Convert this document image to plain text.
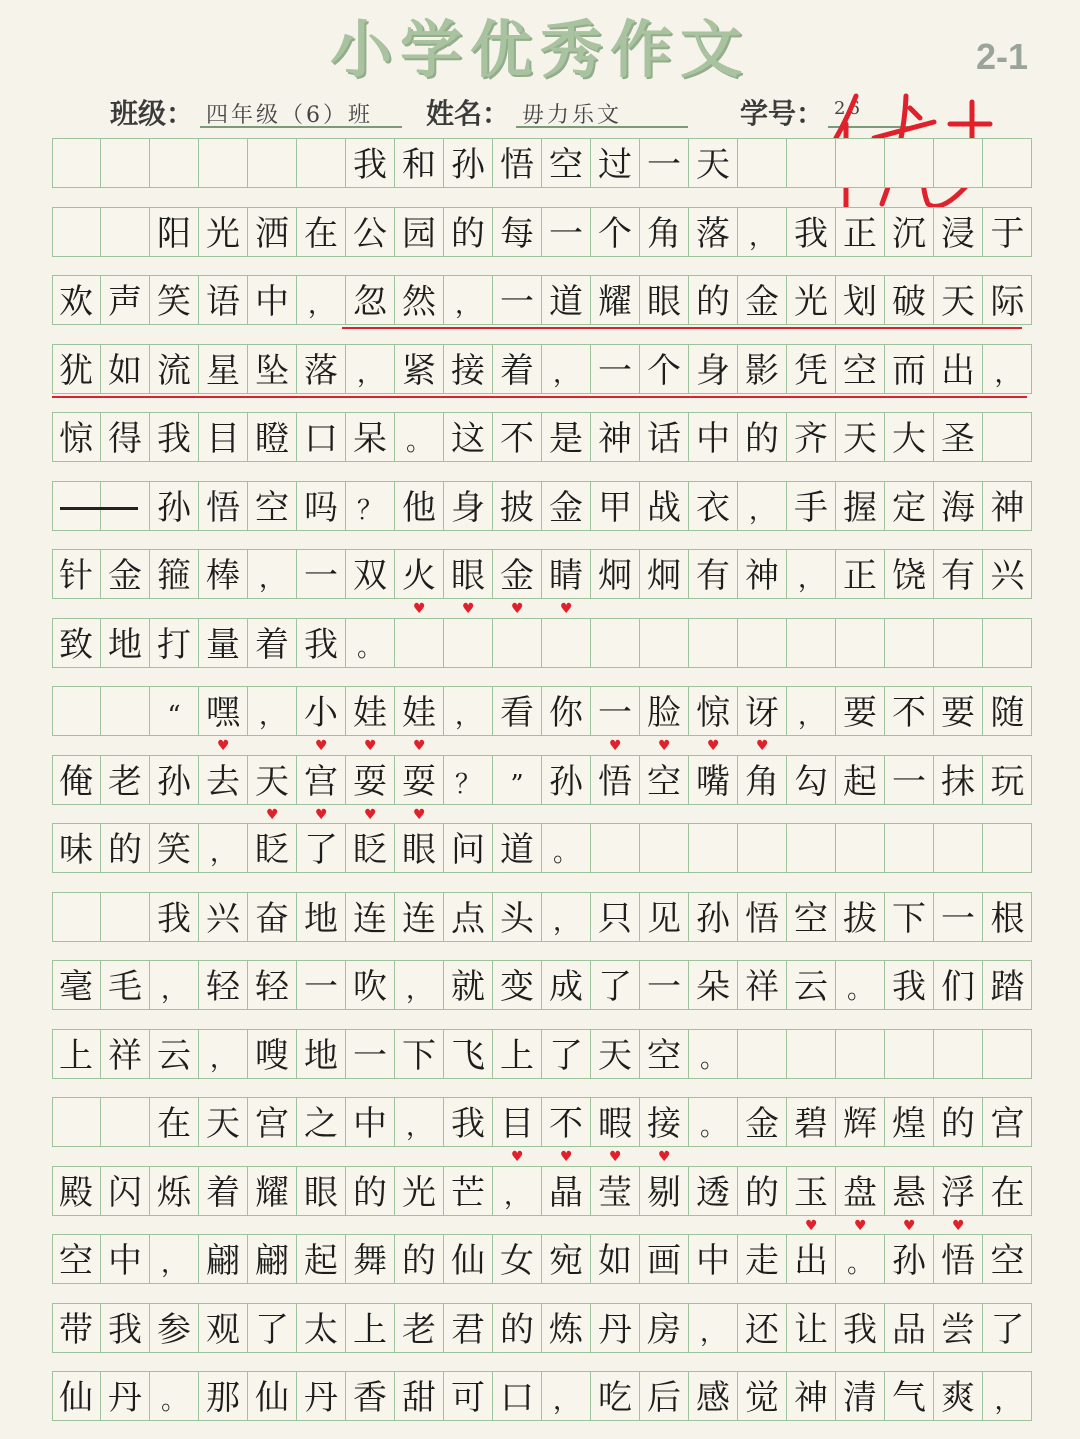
小学优秀作文	2-1
班级： 四年级（6）班	姓名： 毋力乐文	学号： 26
我 和 孙 悟 空 过 一 天
阳 光 洒 在 公 园 的 每 一 个 角 落 ， 我 正 沉 浸 于
欢 声 笑 语 中 ， 忽 然 ， 一 道 耀 眼 的 金 光 划 破 天 际
犹 如 流 星 坠 落 ， 紧 接 着 ， 一 个 身 影 凭 空 而 出 ，
惊 得 我 目 瞪 口 呆 。 这 不 是 神 话 中 的 齐 天 大 圣
孙 悟 空 吗 ？ 他 身 披 金 甲 战 衣 ， 手 握 定 海 神
针 金 箍 棒 ， 一 双 火 眼 金 睛 炯 炯 有 神 ， 正 饶 有 兴
致 地 打 量 着 我 。
“ 嘿 ， 小 娃 娃 ， 看 你 一 脸 惊 讶 ， 要 不 要 随
俺 老 孙 去 天 宫 耍 耍 ？	” 孙 悟 空 嘴 角 勾 起 一 抹 玩
味 的 笑 ， 眨 了 眨 眼 问 道 。
我 兴 奋 地 连 连 点 头 ， 只 见 孙 悟 空 拔 下 一 根
毫 毛 ， 轻 轻 一 吹 ， 就 变 成 了 一 朵 祥 云 。 我 们 踏
上 祥 云 ， 嗖 地 一 下 飞 上 了 天 空 。
在 天 宫 之 中 ， 我 目 不 暇 接 。 金 碧 辉 煌 的 宫
殿 闪 烁 着 耀 眼 的 光 芒 ， 晶 莹 剔 透 的 玉 盘 悬 浮 在
空 中 ， 翩 翩 起 舞 的 仙 女 宛 如 画 中 走 出 。 孙 悟 空
带 我 参 观 了 太 上 老 君 的 炼 丹 房 ， 还 让 我 品 尝 了
仙 丹 。 那 仙 丹 香 甜 可 口 ， 吃 后 感 觉 神 清 气 爽 ，
♥	♥	♥	♥
♥	♥	♥	♥	♥	♥	♥	♥
♥	♥	♥	♥
♥	♥	♥	♥
♥	♥	♥	♥
